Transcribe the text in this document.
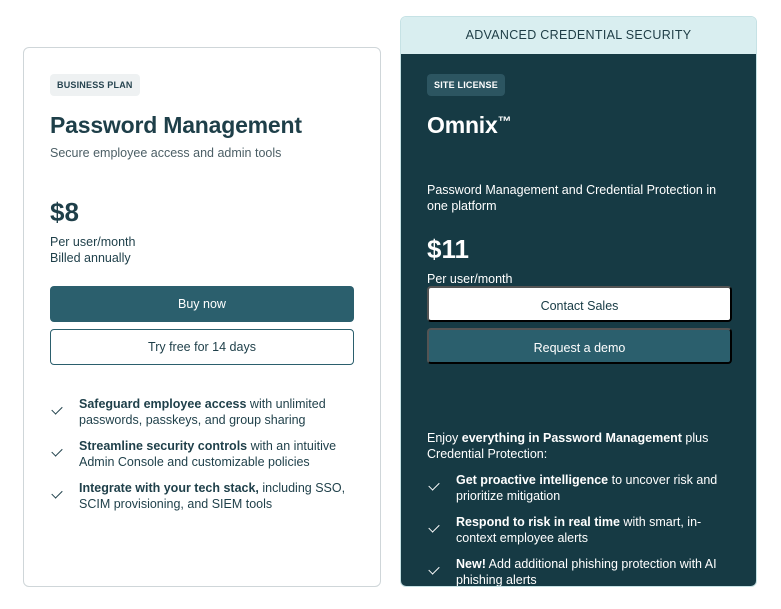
BUSINESS PLAN
Password Management
Secure employee access and admin tools
$8
Per user/month
Billed annually
Buy now
Try free for 14 days
Safeguard employee access with unlimited passwords, passkeys, and group sharing
Streamline security controls with an intuitive Admin Console and customizable policies
Integrate with your tech stack, including SSO, SCIM provisioning, and SIEM tools
ADVANCED CREDENTIAL SECURITY
SITE LICENSE
Omnix™
Password Management and Credential Protection in one platform
$11
Per user/month
Contact Sales
Request a demo
Enjoy everything in Password Management plus Credential Protection:
Get proactive intelligence to uncover risk and prioritize mitigation
Respond to risk in real time with smart, in-context employee alerts
New! Add additional phishing protection with AI phishing alerts
